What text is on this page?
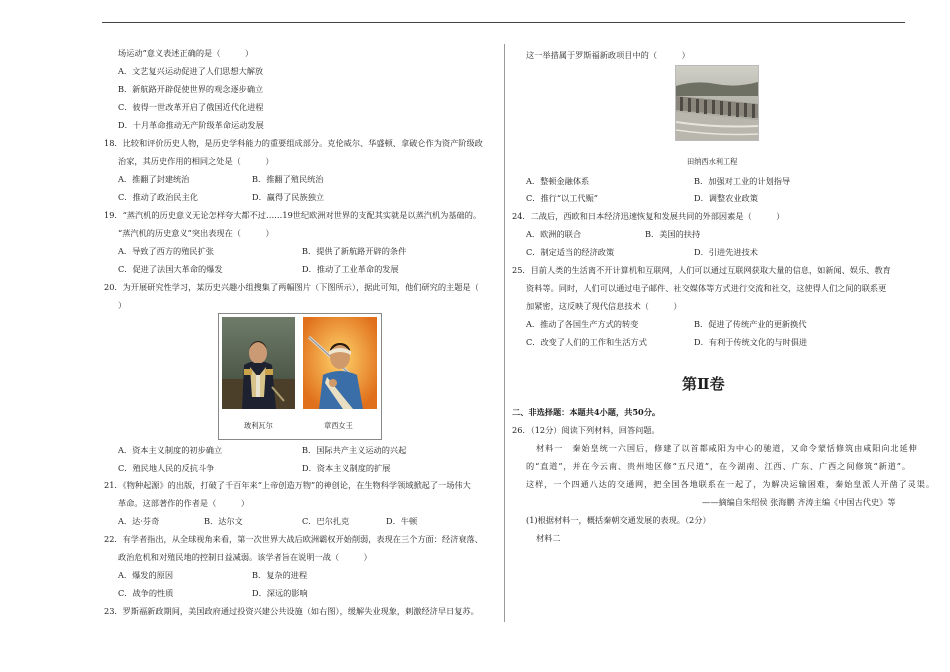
场运动”意义表述正确的是（　　　）
A．文艺复兴运动促进了人们思想大解放
B．新航路开辟促使世界的观念逐步确立
C．彼得一世改革开启了俄国近代化进程
D．十月革命推动无产阶级革命运动发展
18．比较和评价历史人物，是历史学科能力的重要组成部分。克伦威尔、华盛顿、拿破仑作为资产阶级政
治家，其历史作用的相同之处是（　　　）
A．推翻了封建统治	B．推翻了殖民统治
C．推动了政治民主化	D．赢得了民族独立
19．“蒸汽机的历史意义无论怎样夸大都不过……19世纪欧洲对世界的支配其实就是以蒸汽机为基础的。
“蒸汽机的历史意义”突出表现在（　　　）
A．导致了西方的殖民扩张	B．提供了新航路开辟的条件
C．促进了法国大革命的爆发	D．推动了工业革命的发展
20．为开展研究性学习，某历史兴趣小组搜集了两幅图片（下图所示），据此可知，他们研究的主题是（
）
玻利瓦尔	章西女王
A．资本主义制度的初步确立	B．国际共产主义运动的兴起
C．殖民地人民的反抗斗争	D．资本主义制度的扩展
21．《物种起源》的出版，打破了千百年来“上帝创造万物”的神创论，在生物科学领域掀起了一场伟大
革命。这部著作的作者是（　　　）
A．达·芬奇	B．达尔文	C．巴尔扎克	D．牛顿
22．有学者指出，从全球视角来看，第一次世界大战后欧洲霸权开始削弱，表现在三个方面：经济衰落、
政治危机和对殖民地的控制日益减弱。该学者旨在说明一战（　　　）
A．爆发的原因	B．复杂的进程
C．战争的性质	D．深远的影响
23．罗斯福新政期间，美国政府通过投资兴建公共设施（如右图），缓解失业现象，刺激经济早日复苏。
这一举措属于罗斯福新政项目中的（　　　）
田纳西水利工程
A．整顿金融体系	B．加强对工业的计划指导
C．推行“以工代赈”	D．调整农业政策
24．二战后，西欧和日本经济迅速恢复和发展共同的外部因素是（　　　）
A．欧洲的联合	B．美国的扶持
C．制定适当的经济政策	D．引进先进技术
25．目前人类的生活离不开计算机和互联网，人们可以通过互联网获取大量的信息，如新闻、娱乐、教育
资料等。同时，人们可以通过电子邮件、社交媒体等方式进行交流和社交，这使得人们之间的联系更
加紧密，这反映了现代信息技术（　　　）
A．推动了各国生产方式的转变	B．促进了传统产业的更新换代
C．改变了人们的工作和生活方式	D．有利于传统文化的与时俱进
第Ⅱ卷
二、非选择题：本题共4小题，共50分。
26．（12分）阅读下列材料，回答问题。
材料一　秦始皇统一六国后，修建了以首都咸阳为中心的驰道，又命令蒙恬修筑由咸阳向北延伸
的“直道”，并在今云南、贵州地区修“五尺道”，在今湖南、江西、广东、广西之间修筑“新道”。
这样，一个四通八达的交通网，把全国各地联系在一起了，为解决运输困难，秦始皇派人开凿了灵渠。
——摘编自朱绍侯 张海鹏 齐涛主编《中国古代史》等
(1)根据材料一，概括秦朝交通发展的表现。（2分）
材料二
